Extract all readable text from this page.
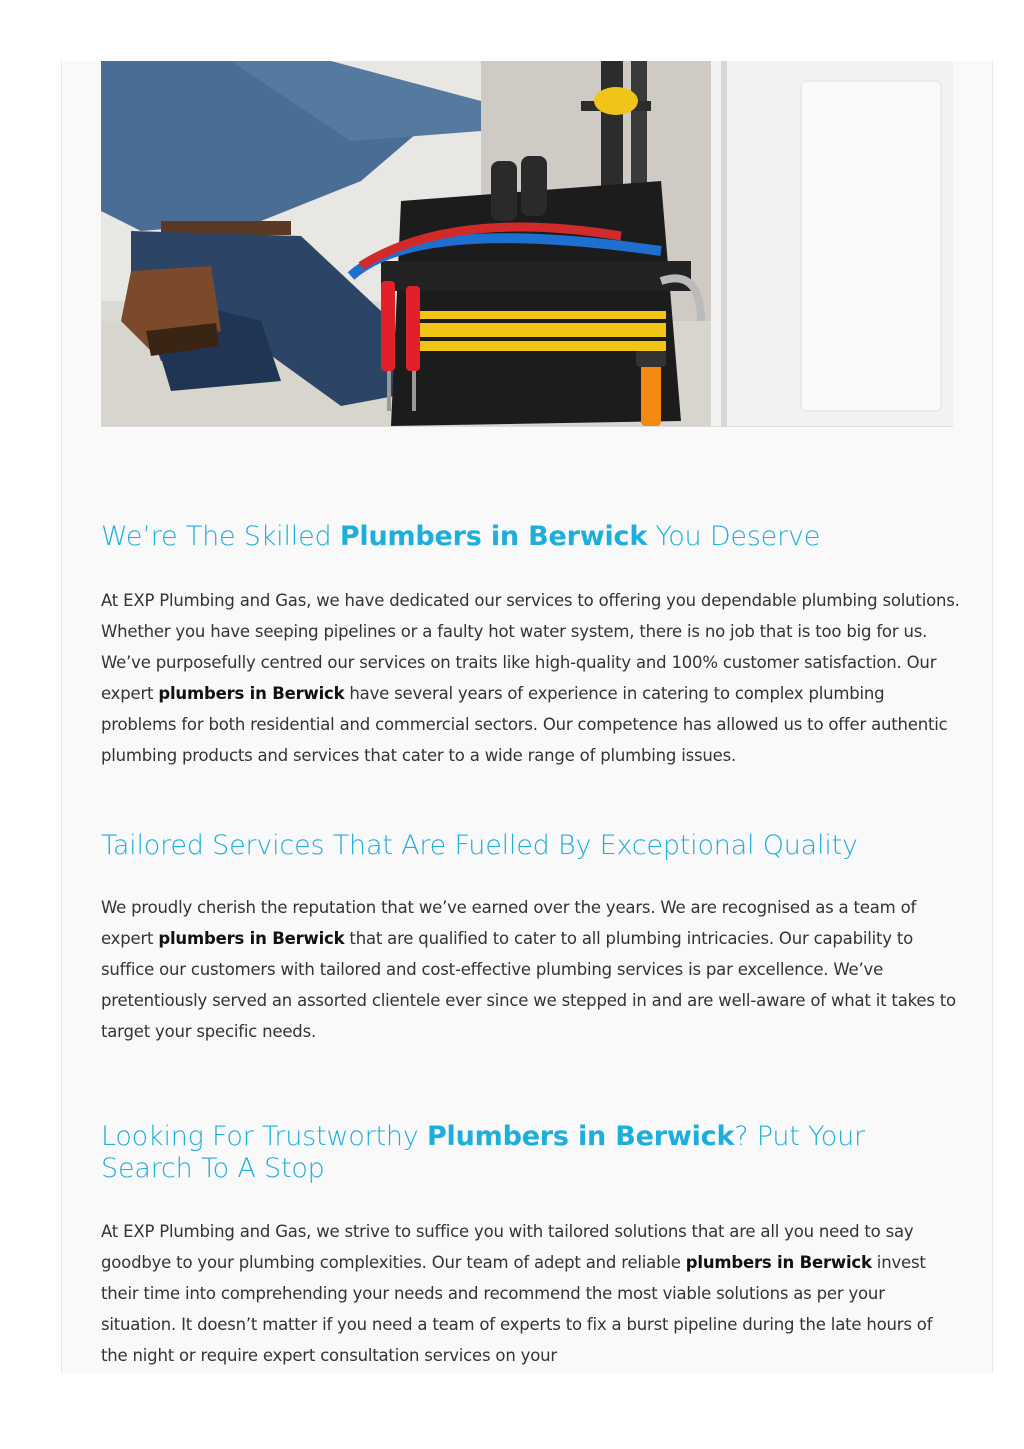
We’re The Skilled Plumbers in Berwick You Deserve

At EXP Plumbing and Gas, we have dedicated our services to offering you dependable plumbing solutions. Whether you have seeping pipelines or a faulty hot water system, there is no job that is too big for us. We’ve purposefully centred our services on traits like high-quality and 100% customer satisfaction. Our expert plumbers in Berwick have several years of experience in catering to complex plumbing problems for both residential and commercial sectors. Our competence has allowed us to offer authentic plumbing products and services that cater to a wide range of plumbing issues.

Tailored Services That Are Fuelled By Exceptional Quality

We proudly cherish the reputation that we’ve earned over the years. We are recognised as a team of expert plumbers in Berwick that are qualified to cater to all plumbing intricacies. Our capability to suffice our customers with tailored and cost-effective plumbing services is par excellence. We’ve pretentiously served an assorted clientele ever since we stepped in and are well-aware of what it takes to target your specific needs.

Looking For Trustworthy Plumbers in Berwick? Put Your Search To A Stop

At EXP Plumbing and Gas, we strive to suffice you with tailored solutions that are all you need to say goodbye to your plumbing complexities. Our team of adept and reliable plumbers in Berwick invest their time into comprehending your needs and recommend the most viable solutions as per your situation. It doesn’t matter if you need a team of experts to fix a burst pipeline during the late hours of the night or require expert consultation services on your
